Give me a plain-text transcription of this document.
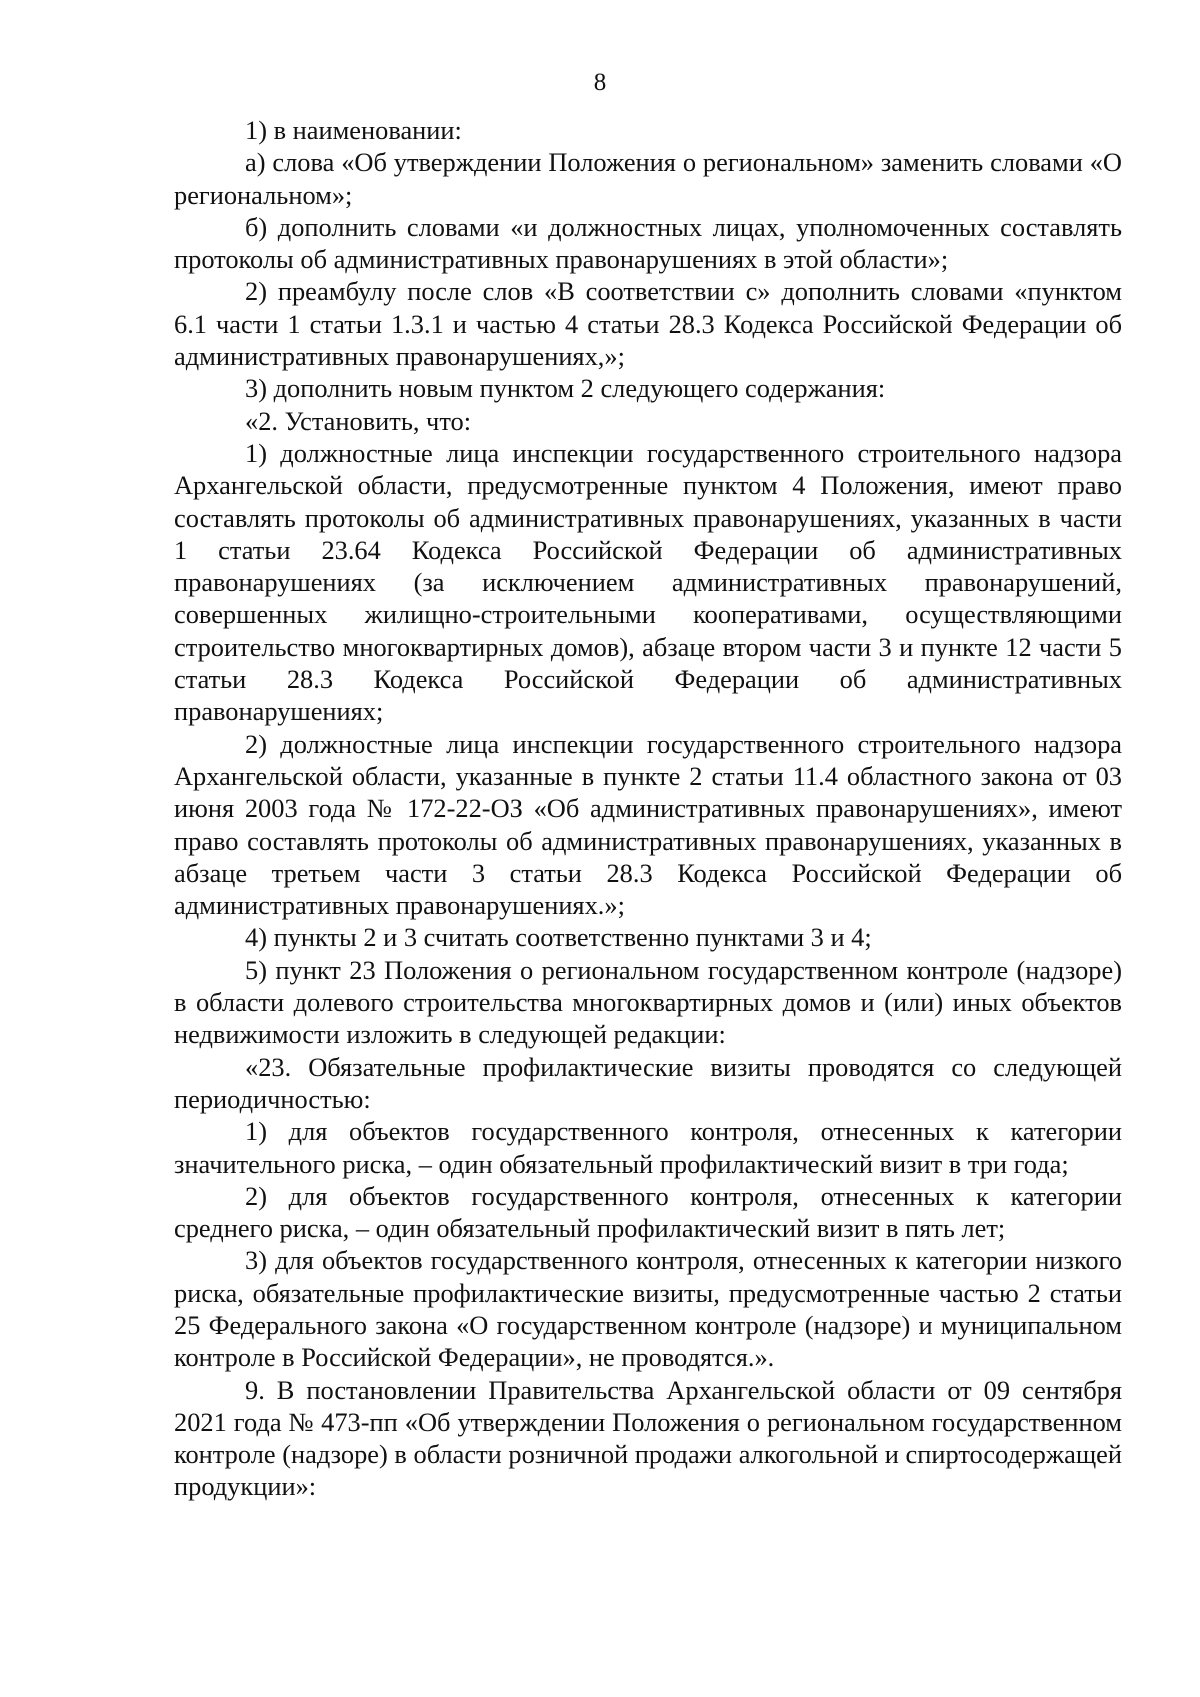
8

1) в наименовании:

а) слова «Об утверждении Положения о региональном» заменить словами «О региональном»;

б) дополнить словами «и должностных лицах, уполномоченных составлять протоколы об административных правонарушениях в этой области»;

2) преамбулу после слов «В соответствии с» дополнить словами «пунктом 6.1 части 1 статьи 1.3.1 и частью 4 статьи 28.3 Кодекса Российской Федерации об административных правонарушениях,»;

3) дополнить новым пунктом 2 следующего содержания:

«2. Установить, что:

1) должностные лица инспекции государственного строительного надзора Архангельской области, предусмотренные пунктом 4 Положения, имеют право составлять протоколы об административных правонарушениях, указанных в части 1 статьи 23.64 Кодекса Российской Федерации об административных правонарушениях (за исключением административных правонарушений, совершенных жилищно-строительными кооперативами, осуществляющими строительство многоквартирных домов), абзаце втором части 3 и пункте 12 части 5 статьи 28.3 Кодекса Российской Федерации об административных правонарушениях;

2) должностные лица инспекции государственного строительного надзора Архангельской области, указанные в пункте 2 статьи 11.4 областного закона от 03 июня 2003 года № 172-22-ОЗ «Об административных правонарушениях», имеют право составлять протоколы об административных правонарушениях, указанных в абзаце третьем части 3 статьи 28.3 Кодекса Российской Федерации об административных правонарушениях.»;

4) пункты 2 и 3 считать соответственно пунктами 3 и 4;

5) пункт 23 Положения о региональном государственном контроле (надзоре) в области долевого строительства многоквартирных домов и (или) иных объектов недвижимости изложить в следующей редакции:

«23. Обязательные профилактические визиты проводятся со следующей периодичностью:

1) для объектов государственного контроля, отнесенных к категории значительного риска, – один обязательный профилактический визит в три года;

2) для объектов государственного контроля, отнесенных к категории среднего риска, – один обязательный профилактический визит в пять лет;

3) для объектов государственного контроля, отнесенных к категории низкого риска, обязательные профилактические визиты, предусмотренные частью 2 статьи 25 Федерального закона «О государственном контроле (надзоре) и муниципальном контроле в Российской Федерации», не проводятся.».

9. В постановлении Правительства Архангельской области от 09 сентября 2021 года № 473-пп «Об утверждении Положения о региональном государственном контроле (надзоре) в области розничной продажи алкогольной и спиртосодержащей продукции»:
